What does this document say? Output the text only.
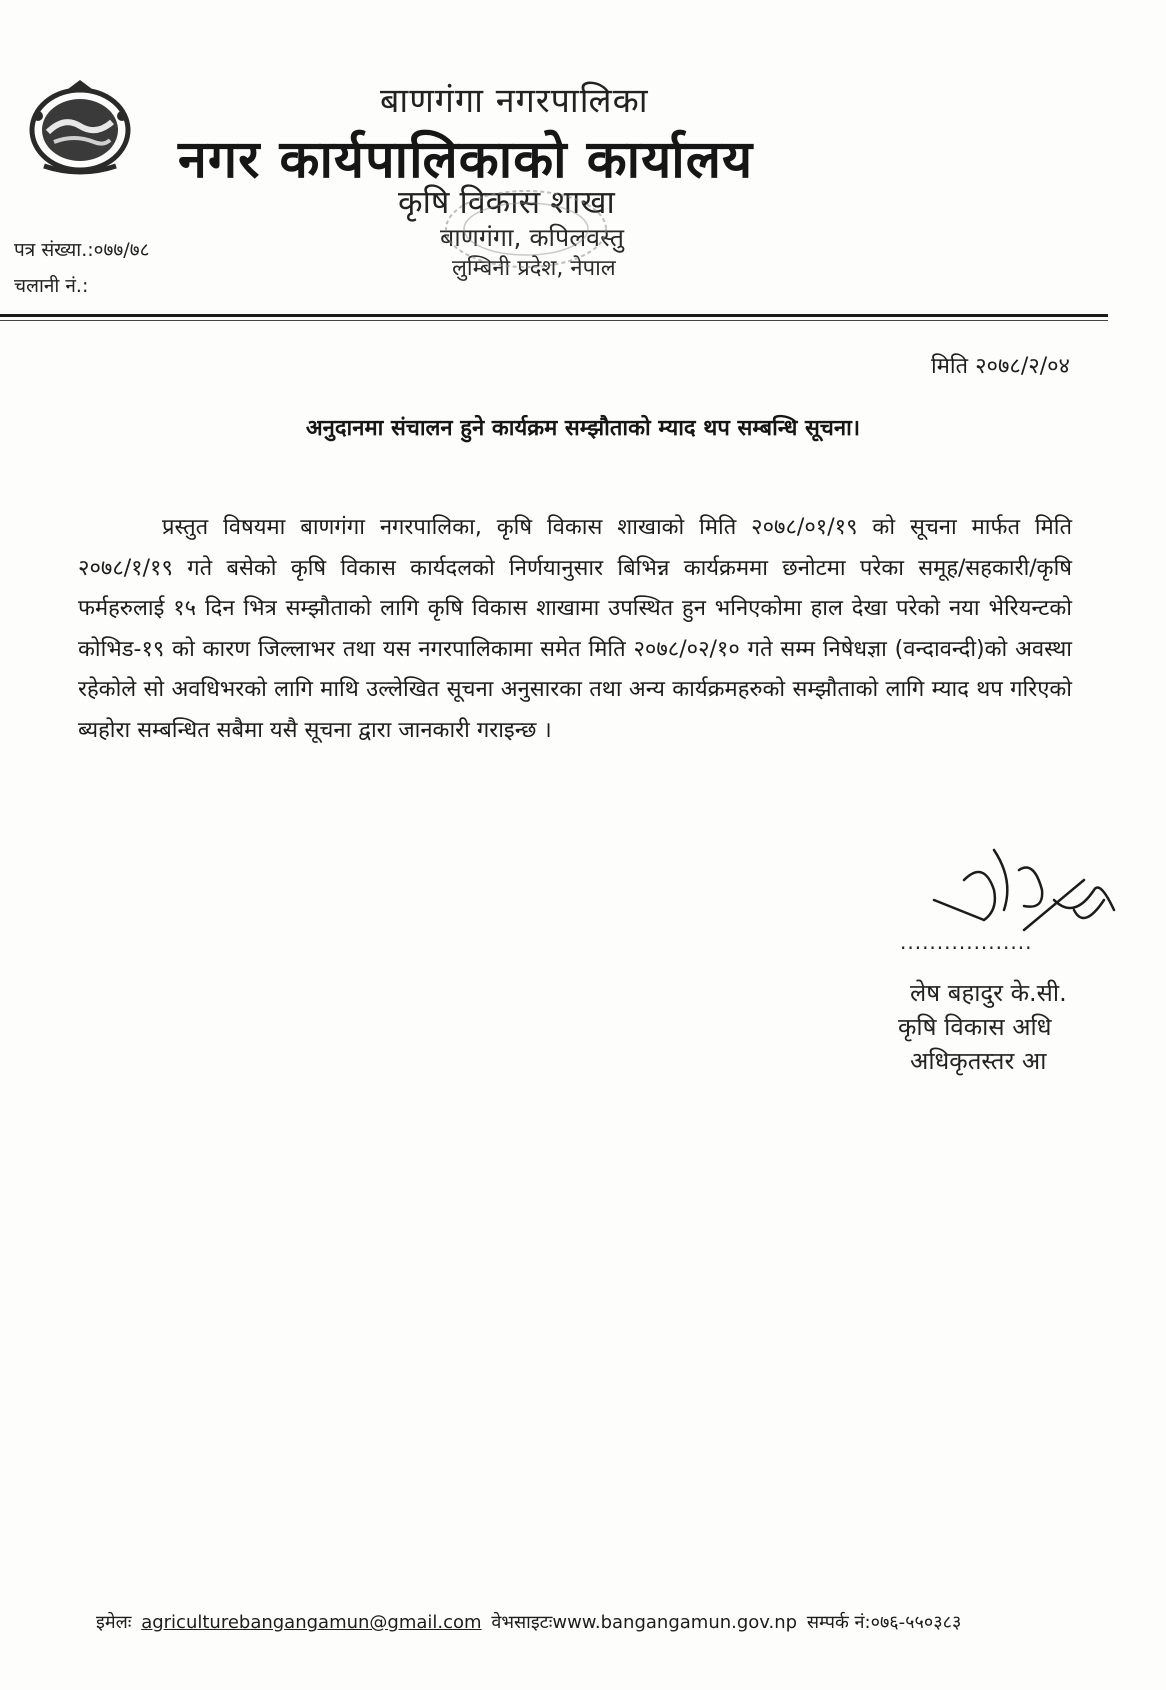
बाणगंगा नगरपालिका
नगर कार्यपालिकाको कार्यालय
कृषि विकास शाखा
बाणगंगा, कपिलवस्तु
लुम्बिनी प्रदेश, नेपाल
पत्र संख्या.:०७७/७८
चलानी नं.:
मिति २०७८/२/०४
अनुदानमा संचालन हुने कार्यक्रम सम्झौताको म्याद थप सम्बन्धि सूचना।
प्रस्तुत विषयमा बाणगंगा नगरपालिका, कृषि विकास शाखाको मिति २०७८/०१/१९ को सूचना मार्फत मिति २०७८/१/१९ गते बसेको कृषि विकास कार्यदलको निर्णयानुसार बिभिन्न कार्यक्रममा छनोटमा परेका समूह/सहकारी/कृषि फर्महरुलाई १५ दिन भित्र सम्झौताको लागि कृषि विकास शाखामा उपस्थित हुन भनिएकोमा हाल देखा परेको नया भेरियन्टको कोभिड-१९ को कारण जिल्लाभर तथा यस नगरपालिकामा समेत मिति २०७८/०२/१० गते सम्म निषेधज्ञा (वन्दावन्दी)को अवस्था रहेकोले सो अवधिभरको लागि माथि उल्लेखित सूचना अनुसारका तथा अन्य कार्यक्रमहरुको सम्झौताको लागि म्याद थप गरिएको ब्यहोरा सम्बन्धित सबैमा यसै सूचना द्वारा जानकारी गराइन्छ ।
..................
लेष बहादुर के.सी.
कृषि विकास अधि
अधिकृतस्तर आ
इमेलः agriculturebangangamun@gmail.com वेभसाइटःwww.bangangamun.gov.np सम्पर्क नं:०७६-५५०३८३
